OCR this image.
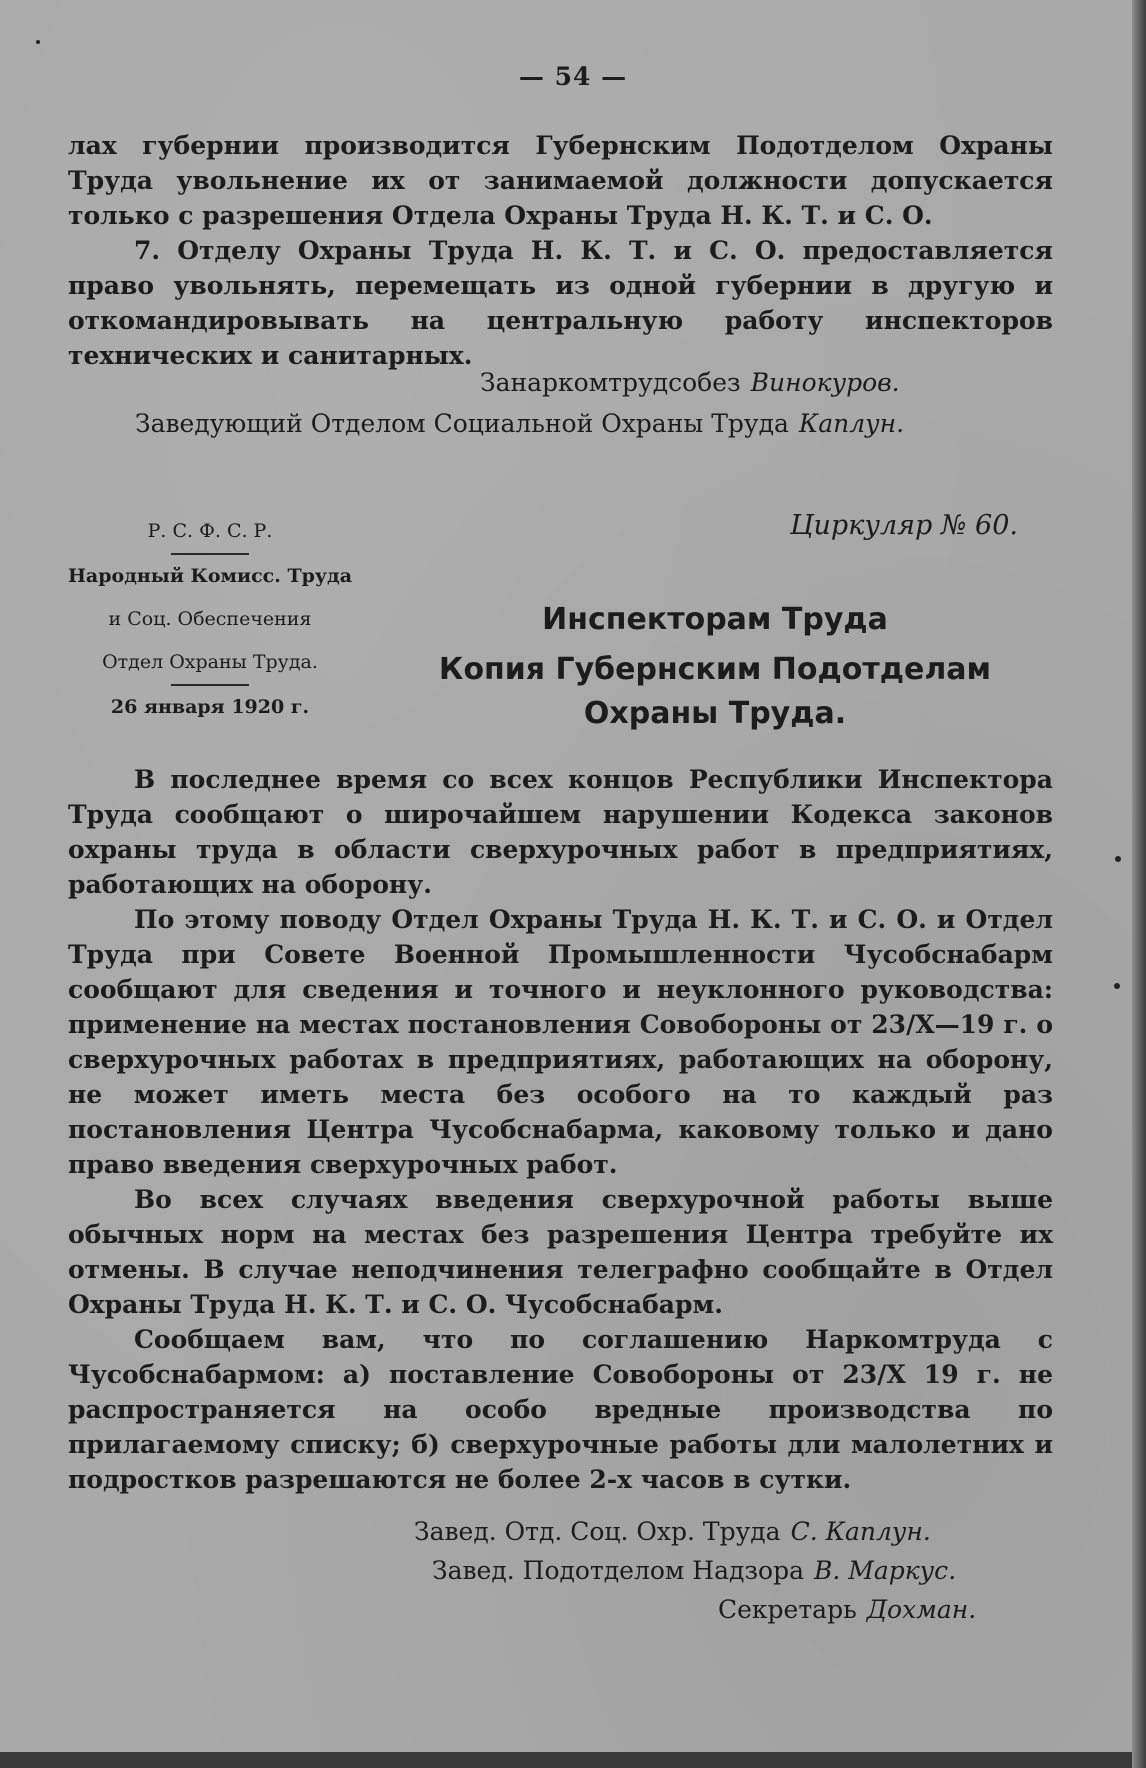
— 54 —

лах губернии производится Губернским Подотделом Охраны Труда увольнение их от занимаемой должности допускается только с разрешения Отдела Охраны Труда Н. К. Т. и С. О.

7. Отделу Охраны Труда Н. К. Т. и С. О. предоставляется право увольнять, перемещать из одной губернии в другую и откомандировывать на центральную работу инспекторов технических и санитарных.

Занаркомтрудсобез Винокуров.
Заведующий Отделом Социальной Охраны Труда Каплун.
Р. С. Ф. С. Р.
Народный Комисс. Труда
и Соц. Обеспечения
Отдел Охраны Труда.
26 января 1920 г.
Циркуляр № 60.
Инспекторам Труда
Копия Губернским Подотделам Охраны Труда.

В последнее время со всех концов Республики Инспектора Труда сообщают о широчайшем нарушении Кодекса законов охраны труда в области сверхурочных работ в предприятиях, работающих на оборону.

По этому поводу Отдел Охраны Труда Н. К. Т. и С. О. и Отдел Труда при Совете Военной Промышленности Чусобснабарм сообщают для сведения и точного и неуклонного руководства: применение на местах постановления Совобороны от 23/Х—19 г. о сверхурочных работах в предприятиях, работающих на оборону, не может иметь места без особого на то каждый раз постановления Центра Чусобснабарма, каковому только и дано право введения сверхурочных работ.

Во всех случаях введения сверхурочной работы выше обычных норм на местах без разрешения Центра требуйте их отмены. В случае неподчинения телеграфно сообщайте в Отдел Охраны Труда Н. К. Т. и С. О. Чусобснабарм.

Сообщаем вам, что по соглашению Наркомтруда с Чусобснабармом: а) поставление Совобороны от 23/Х 19 г. не распространяется на особо вредные производства по прилагаемому списку; б) сверхурочные работы дли малолетних и подростков разрешаются не более 2-х часов в сутки.

Завед. Отд. Соц. Охр. Труда С. Каплун.
Завед. Подотделом Надзора В. Маркус.
Секретарь Дохман.
